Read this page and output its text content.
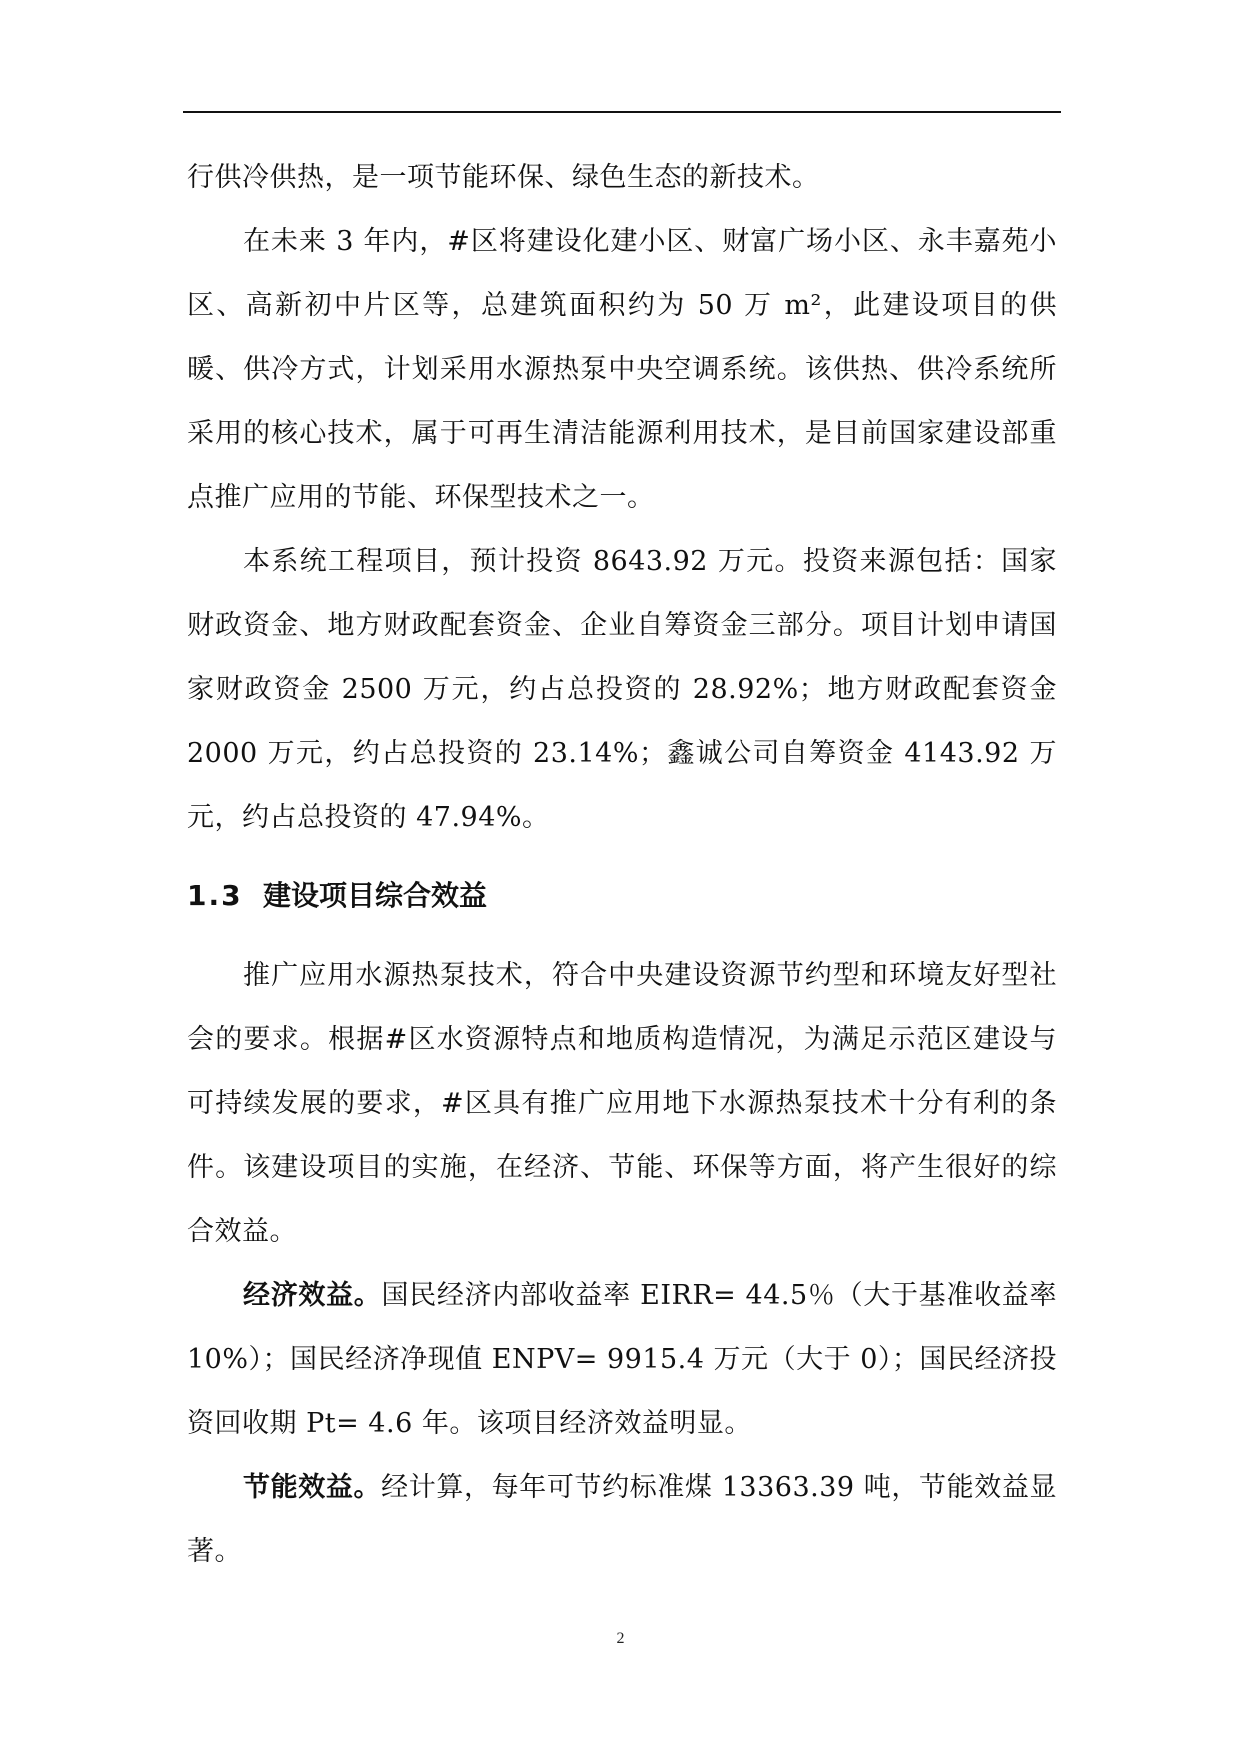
行供冷供热，是一项节能环保、绿色生态的新技术。

在未来 3 年内，#区将建设化建小区、财富广场小区、永丰嘉苑小区、高新初中片区等，总建筑面积约为 50 万 m²，此建设项目的供暖、供冷方式，计划采用水源热泵中央空调系统。该供热、供冷系统所采用的核心技术，属于可再生清洁能源利用技术，是目前国家建设部重点推广应用的节能、环保型技术之一。

本系统工程项目，预计投资 8643.92 万元。投资来源包括：国家财政资金、地方财政配套资金、企业自筹资金三部分。项目计划申请国家财政资金 2500 万元，约占总投资的 28.92%；地方财政配套资金 2000 万元，约占总投资的 23.14%；鑫诚公司自筹资金 4143.92 万元，约占总投资的 47.94%。

1.3 建设项目综合效益

推广应用水源热泵技术，符合中央建设资源节约型和环境友好型社会的要求。根据#区水资源特点和地质构造情况，为满足示范区建设与可持续发展的要求，#区具有推广应用地下水源热泵技术十分有利的条件。该建设项目的实施，在经济、节能、环保等方面，将产生很好的综合效益。

经济效益。国民经济内部收益率 EIRR= 44.5％（大于基准收益率 10%）；国民经济净现值 ENPV= 9915.4 万元（大于 0）；国民经济投资回收期 Pt= 4.6 年。该项目经济效益明显。

节能效益。经计算，每年可节约标准煤 13363.39 吨，节能效益显著。

2
